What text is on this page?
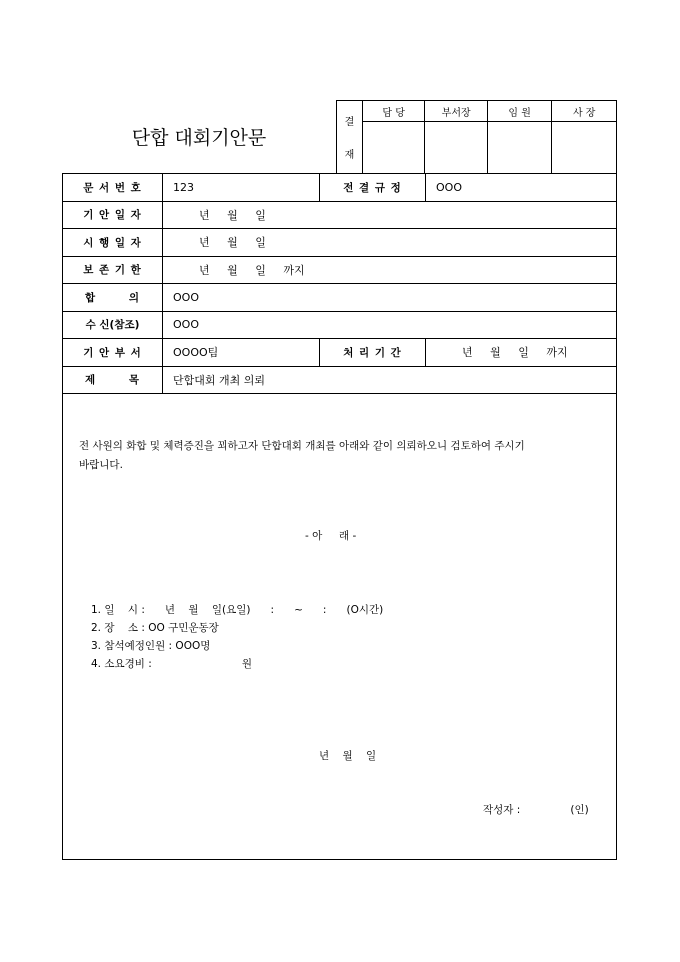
단합 대회기안문
결
재	담 당	부서장	임 원	사 장

문 서 번 호	123	전 결 규 정	OOO
기 안 일 자	년 월 일		
시 행 일 자	년 월 일		
보 존 기 한	년 월 일 까지		
합 의	OOO		
수 신(참조)	OOO		
기 안 부 서	OOOO팀	처 리 기 간	년 월 일 까지
제 목	단합대회 개최 의뢰		
전 사원의 화합 및 체력증진을 꾀하고자 단합대회 개최를 아래와 같이 의뢰하오니 검토하여 주시기
바랍니다.
- 아     래 -
1. 일    시 :      년    월    일(요일)      :      ~      :      (O시간)
2. 장    소 : OO 구민운동장
3. 참석예정인원 : OOO명
4. 소요경비 :                           원
년    월    일
작성자 :               (인)
